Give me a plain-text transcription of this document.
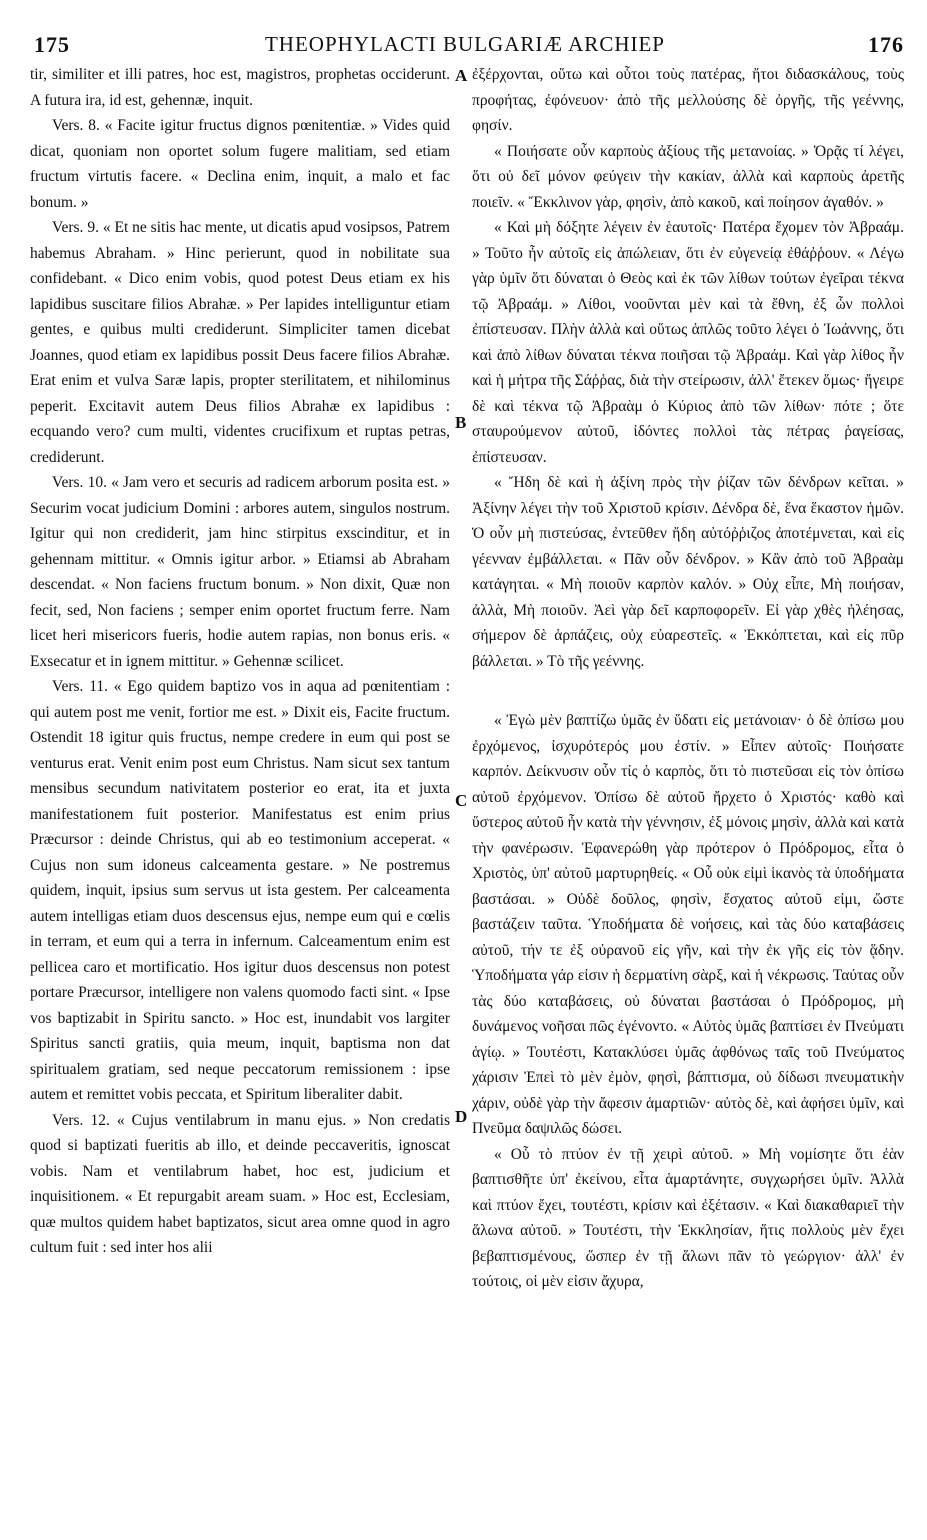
175	THEOPHYLACTI BULGARIÆ ARCHIEP	176

tir, similiter et illi patres, hoc est, magistros, prophetas occiderunt. A futura ira, id est, gehennæ, inquit.

Vers. 8. « Facite igitur fructus dignos pœnitentiæ. » Vides quid dicat, quoniam non oportet solum fugere malitiam, sed etiam fructum virtutis facere. « Declina enim, inquit, a malo et fac bonum. »

Vers. 9. « Et ne sitis hac mente, ut dicatis apud vosipsos, Patrem habemus Abraham. » Hinc perierunt, quod in nobilitate sua confidebant. « Dico enim vobis, quod potest Deus etiam ex his lapidibus suscitare filios Abrahæ. » Per lapides intelliguntur etiam gentes, e quibus multi crediderunt. Simpliciter tamen dicebat Joannes, quod etiam ex lapidibus possit Deus facere filios Abrahæ. Erat enim et vulva Saræ lapis, propter sterilitatem, et nihilominus peperit. Excitavit autem Deus filios Abrahæ ex lapidibus : ecquando vero? cum multi, videntes crucifixum et ruptas petras, crediderunt.

Vers. 10. « Jam vero et securis ad radicem arborum posita est. » Securim vocat judicium Domini : arbores autem, singulos nostrum. Igitur qui non crediderit, jam hinc stirpitus exscinditur, et in gehennam mittitur. « Omnis igitur arbor. » Etiamsi ab Abraham descendat. « Non faciens fructum bonum. » Non dixit, Quæ non fecit, sed, Non faciens ; semper enim oportet fructum ferre. Nam licet heri misericors fueris, hodie autem rapias, non bonus eris. « Exsecatur et in ignem mittitur. » Gehennæ scilicet.

Vers. 11. « Ego quidem baptizo vos in aqua ad pœnitentiam : qui autem post me venit, fortior me est. » Dixit eis, Facite fructum. Ostendit 18 igitur quis fructus, nempe credere in eum qui post se venturus erat. Venit enim post eum Christus. Nam sicut sex tantum mensibus secundum nativitatem posterior eo erat, ita et juxta manifestationem fuit posterior. Manifestatus est enim prius Præcursor : deinde Christus, qui ab eo testimonium acceperat. « Cujus non sum idoneus calceamenta gestare. » Ne postremus quidem, inquit, ipsius sum servus ut ista gestem. Per calceamenta autem intelligas etiam duos descensus ejus, nempe eum qui e cœlis in terram, et eum qui a terra in infernum. Calceamentum enim est pellicea caro et mortificatio. Hos igitur duos descensus non potest portare Præcursor, intelligere non valens quomodo facti sint. « Ipse vos baptizabit in Spiritu sancto. » Hoc est, inundabit vos largiter Spiritus sancti gratiis, quia meum, inquit, baptisma non dat spiritualem gratiam, sed neque peccatorum remissionem : ipse autem et remittet vobis peccata, et Spiritum liberaliter dabit.

Vers. 12. « Cujus ventilabrum in manu ejus. » Non credatis quod si baptizati fueritis ab illo, et deinde peccaveritis, ignoscat vobis. Nam et ventilabrum habet, hoc est, judicium et inquisitionem. « Et repurgabit aream suam. » Hoc est, Ecclesiam, quæ multos quidem habet baptizatos, sicut area omne quod in agro cultum fuit : sed inter hos alii

A
B
C
D

ἐξέρχονται, οὕτω καὶ οὗτοι τοὺς πατέρας, ἤτοι διδασκάλους, τοὺς προφήτας, ἐφόνευον· ἀπὸ τῆς μελλούσης δὲ ὀργῆς, τῆς γεέννης, φησίν.

« Ποιήσατε οὖν καρποὺς ἀξίους τῆς μετανοίας. » Ὁρᾷς τί λέγει, ὅτι οὐ δεῖ μόνον φεύγειν τὴν κακίαν, ἀλλὰ καὶ καρποὺς ἀρετῆς ποιεῖν. « Ἔκκλινον γὰρ, φησὶν, ἀπὸ κακοῦ, καὶ ποίησον ἀγαθόν. »

« Καὶ μὴ δόξητε λέγειν ἐν ἑαυτοῖς· Πατέρα ἔχομεν τὸν Ἀβραάμ. » Τοῦτο ἦν αὐτοῖς εἰς ἀπώλειαν, ὅτι ἐν εὐγενείᾳ ἐθάῤῥουν. « Λέγω γὰρ ὑμῖν ὅτι δύναται ὁ Θεὸς καὶ ἐκ τῶν λίθων τούτων ἐγεῖραι τέκνα τῷ Ἀβραάμ. » Λίθοι, νοοῦνται μὲν καὶ τὰ ἔθνη, ἐξ ὧν πολλοὶ ἐπίστευσαν. Πλὴν ἀλλὰ καὶ οὕτως ἁπλῶς τοῦτο λέγει ὁ Ἰωάννης, ὅτι καὶ ἀπὸ λίθων δύναται τέκνα ποιῆσαι τῷ Ἀβραάμ. Καὶ γὰρ λίθος ἦν καὶ ἡ μήτρα τῆς Σάῤῥας, διὰ τὴν στείρωσιν, ἀλλ' ἔτεκεν ὅμως· ἤγειρε δὲ καὶ τέκνα τῷ Ἀβραὰμ ὁ Κύριος ἀπὸ τῶν λίθων· πότε ; ὅτε σταυρούμενον αὐτοῦ, ἰδόντες πολλοὶ τὰς πέτρας ῥαγείσας, ἐπίστευσαν.

« Ἤδη δὲ καὶ ἡ ἀξίνη πρὸς τὴν ῥίζαν τῶν δένδρων κεῖται. » Ἀξίνην λέγει τὴν τοῦ Χριστοῦ κρίσιν. Δένδρα δὲ, ἕνα ἕκαστον ἡμῶν. Ὁ οὖν μὴ πιστεύσας, ἐντεῦθεν ἤδη αὐτόῤῥιζος ἀποτέμνεται, καὶ εἰς γέενναν ἐμβάλλεται. « Πᾶν οὖν δένδρον. » Κἂν ἀπὸ τοῦ Ἀβραὰμ κατάγηται. « Μὴ ποιοῦν καρπὸν καλόν. » Οὐχ εἶπε, Μὴ ποιήσαν, ἀλλὰ, Μὴ ποιοῦν. Ἀεὶ γὰρ δεῖ καρποφορεῖν. Εἰ γὰρ χθὲς ἠλέησας, σήμερον δὲ ἁρπάζεις, οὐχ εὐαρεστεῖς. « Ἐκκόπτεται, καὶ εἰς πῦρ βάλλεται. » Τὸ τῆς γεέννης.

« Ἐγὼ μὲν βαπτίζω ὑμᾶς ἐν ὕδατι εἰς μετάνοιαν· ὁ δὲ ὀπίσω μου ἐρχόμενος, ἰσχυρότερός μου ἐστίν. » Εἶπεν αὐτοῖς· Ποιήσατε καρπόν. Δείκνυσιν οὖν τίς ὁ καρπὸς, ὅτι τὸ πιστεῦσαι εἰς τὸν ὀπίσω αὐτοῦ ἐρχόμενον. Ὀπίσω δὲ αὐτοῦ ἤρχετο ὁ Χριστός· καθὸ καὶ ὕστερος αὐτοῦ ἦν κατὰ τὴν γέννησιν, ἐξ μόνοις μησὶν, ἀλλὰ καὶ κατὰ τὴν φανέρωσιν. Ἐφανερώθη γὰρ πρότερον ὁ Πρόδρομος, εἶτα ὁ Χριστὸς, ὑπ' αὐτοῦ μαρτυρηθείς. « Οὗ οὐκ εἰμὶ ἱκανὸς τὰ ὑποδήματα βαστάσαι. » Οὐδὲ δοῦλος, φησὶν, ἔσχατος αὐτοῦ εἰμι, ὥστε βαστάζειν ταῦτα. Ὑποδήματα δὲ νοήσεις, καὶ τὰς δύο καταβάσεις αὐτοῦ, τήν τε ἐξ οὐρανοῦ εἰς γῆν, καὶ τὴν ἐκ γῆς εἰς τὸν ᾅδην. Ὑποδήματα γάρ εἰσιν ἡ δερματίνη σὰρξ, καὶ ἡ νέκρωσις. Ταύτας οὖν τὰς δύο καταβάσεις, οὐ δύναται βαστάσαι ὁ Πρόδρομος, μὴ δυνάμενος νοῆσαι πῶς ἐγένοντο. « Αὐτὸς ὑμᾶς βαπτίσει ἐν Πνεύματι ἁγίῳ. » Τουτέστι, Κατακλύσει ὑμᾶς ἀφθόνως ταῖς τοῦ Πνεύματος χάρισιν Ἐπεὶ τὸ μὲν ἐμὸν, φησὶ, βάπτισμα, οὐ δίδωσι πνευματικὴν χάριν, οὐδὲ γὰρ τὴν ἄφεσιν ἁμαρτιῶν· αὐτὸς δὲ, καὶ ἀφήσει ὑμῖν, καὶ Πνεῦμα δαψιλῶς δώσει.

« Οὗ τὸ πτύον ἐν τῇ χειρὶ αὐτοῦ. » Μὴ νομίσητε ὅτι ἐὰν βαπτισθῆτε ὑπ' ἐκείνου, εἶτα ἁμαρτάνητε, συγχωρήσει ὑμῖν. Ἀλλὰ καὶ πτύον ἔχει, τουτέστι, κρίσιν καὶ ἐξέτασιν. « Καὶ διακαθαριεῖ τὴν ἅλωνα αὐτοῦ. » Τουτέστι, τὴν Ἐκκλησίαν, ἥτις πολλοὺς μὲν ἔχει βεβαπτισμένους, ὥσπερ ἐν τῇ ἅλωνι πᾶν τὸ γεώργιον· ἀλλ' ἐν τούτοις, οἱ μὲν εἰσιν ἄχυρα,
